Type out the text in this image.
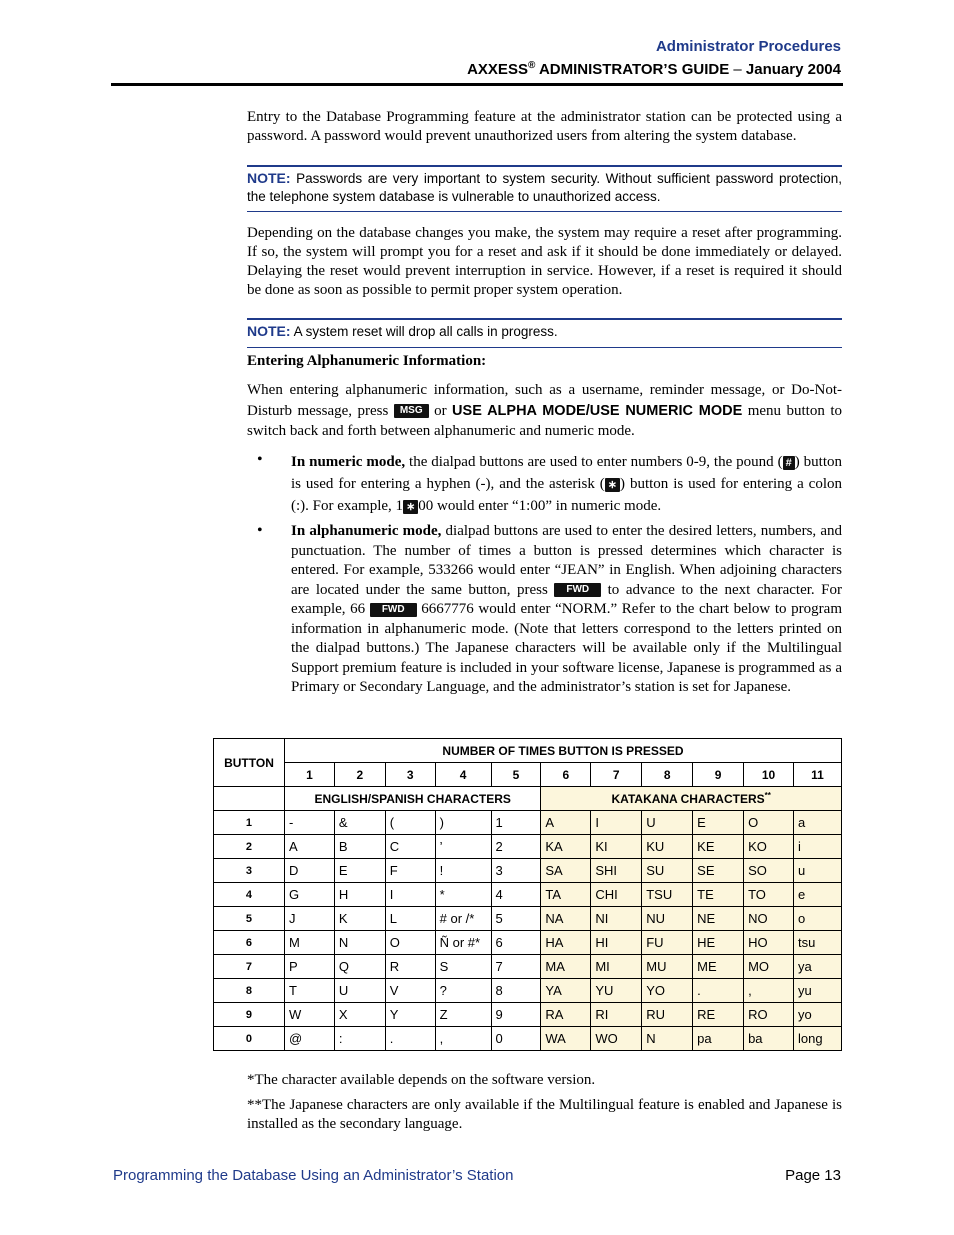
Administrator Procedures
AXXESS® ADMINISTRATOR’S GUIDE – January 2004

Entry to the Database Programming feature at the administrator station can be protected using a password. A password would prevent unauthorized users from altering the system database.

NOTE: Passwords are very important to system security. Without sufficient password protection, the telephone system database is vulnerable to unauthorized access.

Depending on the database changes you make, the system may require a reset after programming. If so, the system will prompt you for a reset and ask if it should be done immediately or delayed. Delaying the reset would prevent interruption in service. However, if a reset is required it should be done as soon as possible to permit proper system operation.

NOTE: A system reset will drop all calls in progress.
Entering Alphanumeric Information:

When entering alphanumeric information, such as a username, reminder message, or Do-Not-Disturb message, press MSG or USE ALPHA MODE/USE NUMERIC MODE menu button to switch back and forth between alphanumeric and numeric mode.

• In numeric mode, the dialpad buttons are used to enter numbers 0-9, the pound ( # ) button is used for entering a hyphen (-), and the asterisk ( ∗ ) button is used for entering a colon (:). For example, 1 ∗ 00 would enter “1:00” in numeric mode.

• In alphanumeric mode, dialpad buttons are used to enter the desired letters, numbers, and punctuation. The number of times a button is pressed determines which character is entered. For example, 533266 would enter “JEAN” in English. When adjoining characters are located under the same button, press FWD to advance to the next character. For example, 66 FWD 6667776 would enter “NORM.” Refer to the chart below to program information in alphanumeric mode. (Note that letters correspond to the letters printed on the dialpad buttons.) The Japanese characters will be available only if the Multilingual Support premium feature is included in your software license, Japanese is programmed as a Primary or Secondary Language, and the administrator’s station is set for Japanese.

BUTTON	NUMBER OF TIMES BUTTON IS PRESSED										
	1	2	3	4	5	6	7	8	9	10	11
	ENGLISH/SPANISH CHARACTERS					KATAKANA CHARACTERS**
1	-	&	(	)	1	A	I	U	E	O	a
2	A	B	C	’	2	KA	KI	KU	KE	KO	i
3	D	E	F	!	3	SA	SHI	SU	SE	SO	u
4	G	H	I	*	4	TA	CHI	TSU	TE	TO	e
5	J	K	L	# or /*	5	NA	NI	NU	NE	NO	o
6	M	N	O	Ñ or #*	6	HA	HI	FU	HE	HO	tsu
7	P	Q	R	S	7	MA	MI	MU	ME	MO	ya
8	T	U	V	?	8	YA	YU	YO	.	,	yu
9	W	X	Y	Z	9	RA	RI	RU	RE	RO	yo
0	@	:	.	,	0	WA	WO	N	pa	ba	long

*The character available depends on the software version.

**The Japanese characters are only available if the Multilingual feature is enabled and Japanese is installed as the secondary language.

Programming the Database Using an Administrator’s Station	Page 13
